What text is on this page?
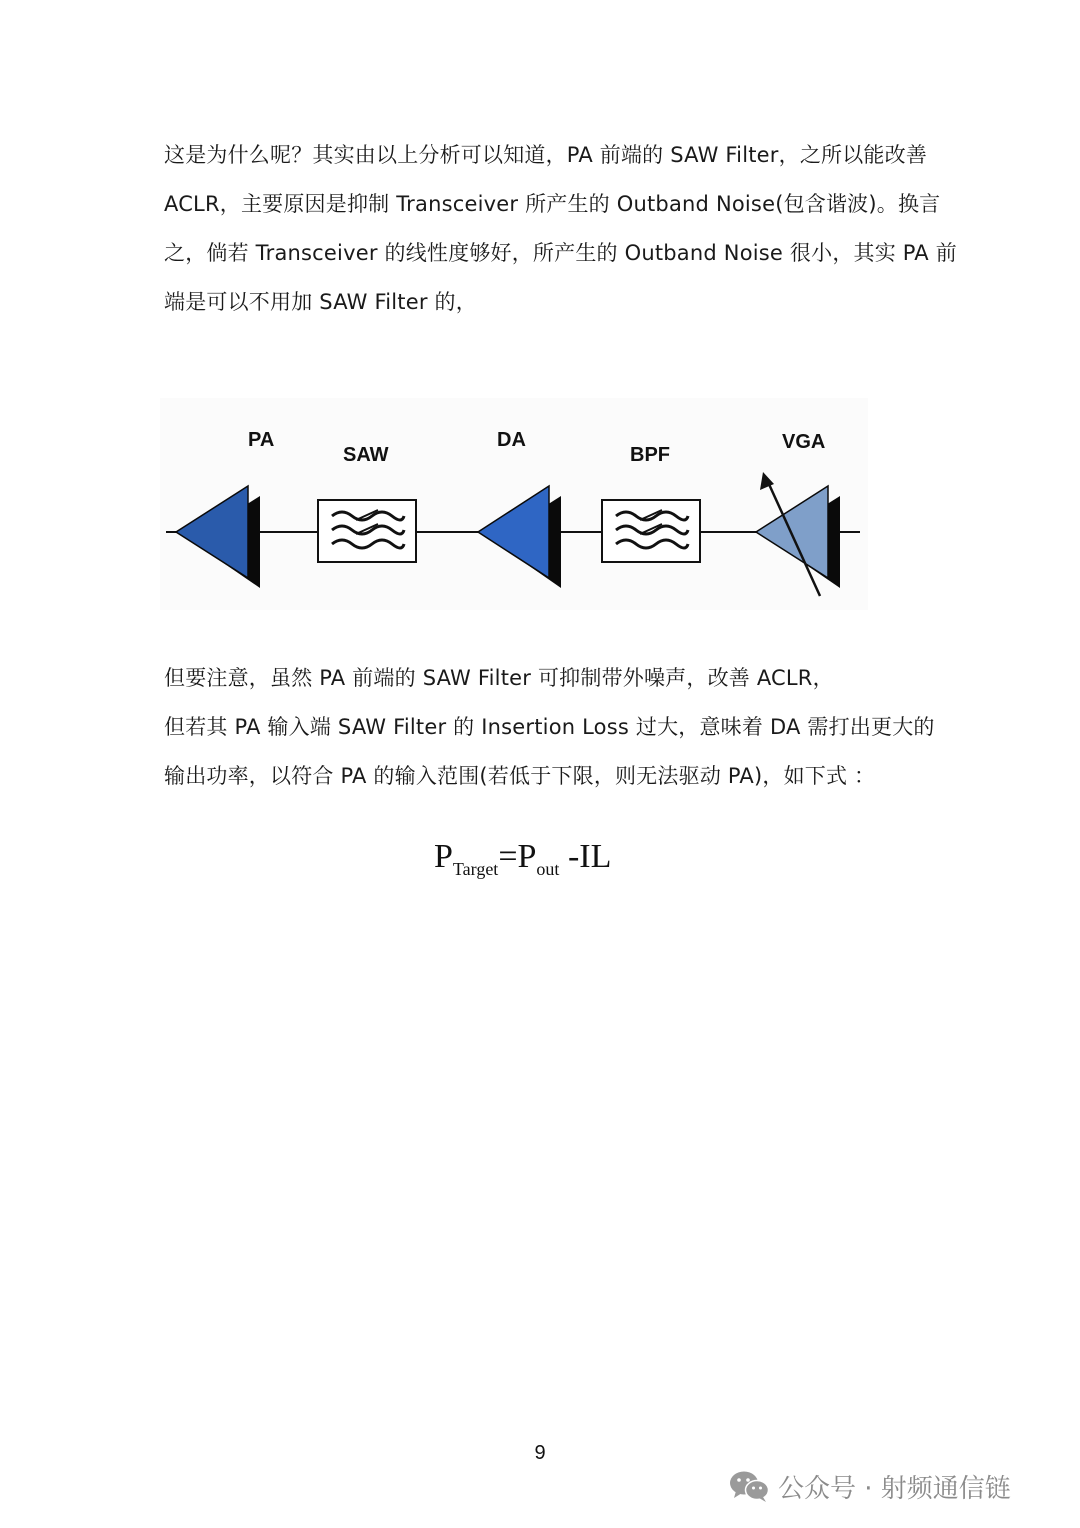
这是为什么呢？其实由以上分析可以知道，PA 前端的 SAW Filter，之所以能改善
ACLR，主要原因是抑制 Transceiver 所产生的 Outband Noise(包含谐波)。换言
之，倘若 Transceiver 的线性度够好，所产生的 Outband Noise 很小，其实 PA 前
端是可以不用加 SAW Filter 的，
PA
SAW
DA
BPF
VGA
但要注意，虽然 PA 前端的 SAW Filter 可抑制带外噪声，改善 ACLR，
但若其 PA 输入端 SAW Filter 的 Insertion Loss 过大，意味着 DA 需打出更大的
输出功率，以符合 PA 的输入范围(若低于下限，则无法驱动 PA)，如下式 ：
$P_{Target}=P_{out}$ -IL
9
公众号 · 射频通信链
